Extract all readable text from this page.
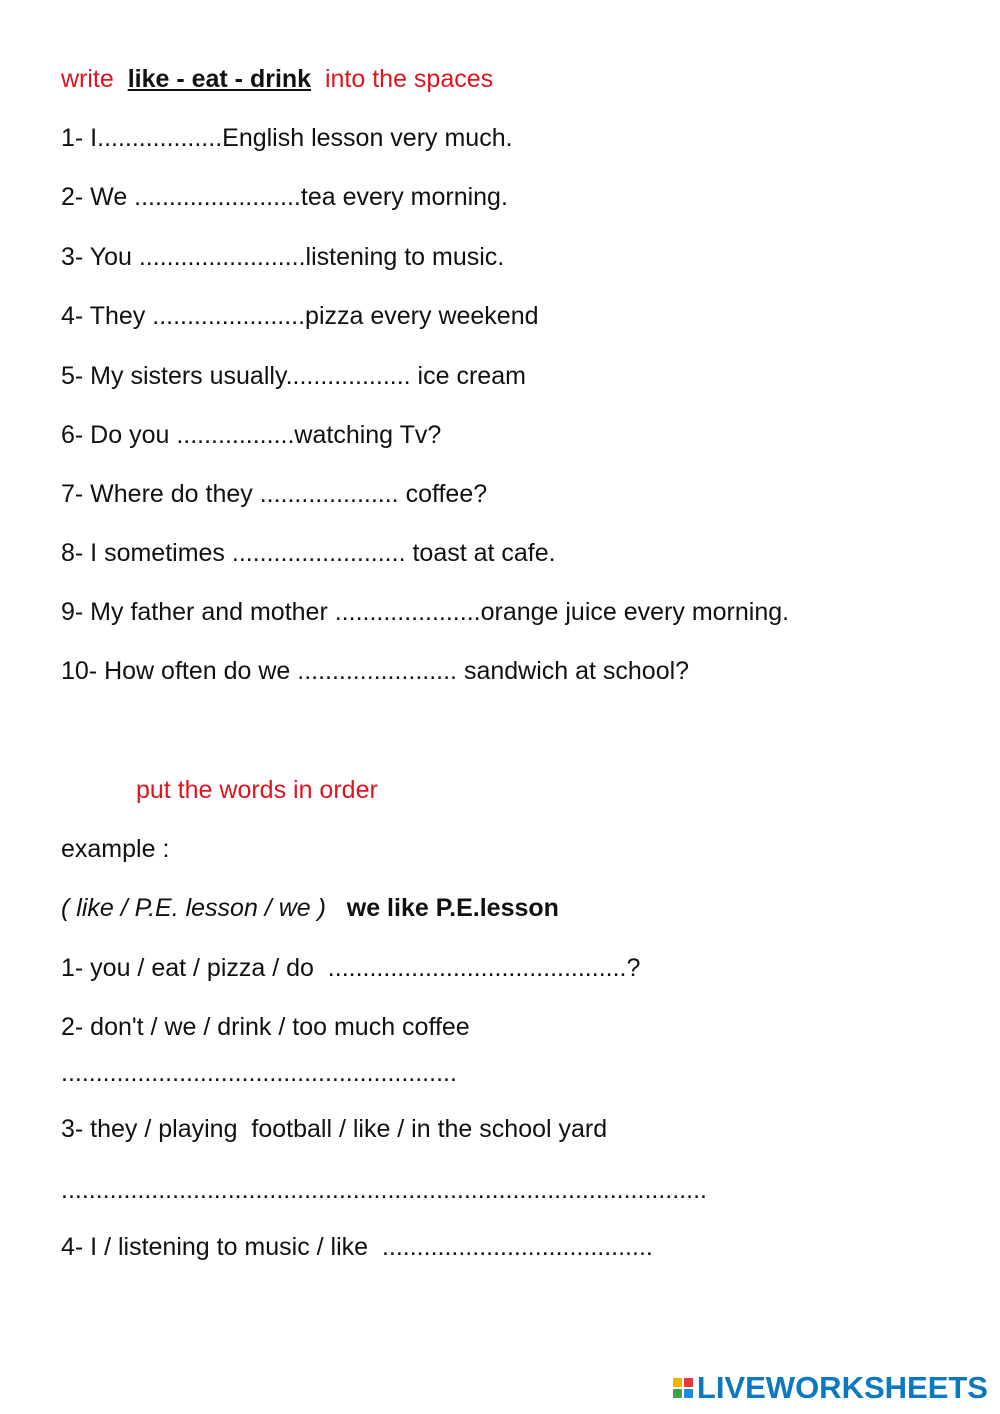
write  like - eat - drink  into the spaces
1- I..................English lesson very much.
2- We ........................tea every morning.
3- You ........................listening to music.
4- They ......................pizza every weekend
5- My sisters usually.................. ice cream
6- Do you .................watching Tv?
7- Where do they .................... coffee?
8- I sometimes ......................... toast at cafe.
9- My father and mother .....................orange juice every morning.
10- How often do we ....................... sandwich at school?
put the words in order
example :
( like / P.E. lesson / we ) we like P.E.lesson
1- you / eat / pizza / do  ...........................................?
2- don't / we / drink / too much coffee
.........................................................
3- they / playing  football / like / in the school yard
.............................................................................................
4- I / listening to music / like  .......................................
LIVEWORKSHEETS
